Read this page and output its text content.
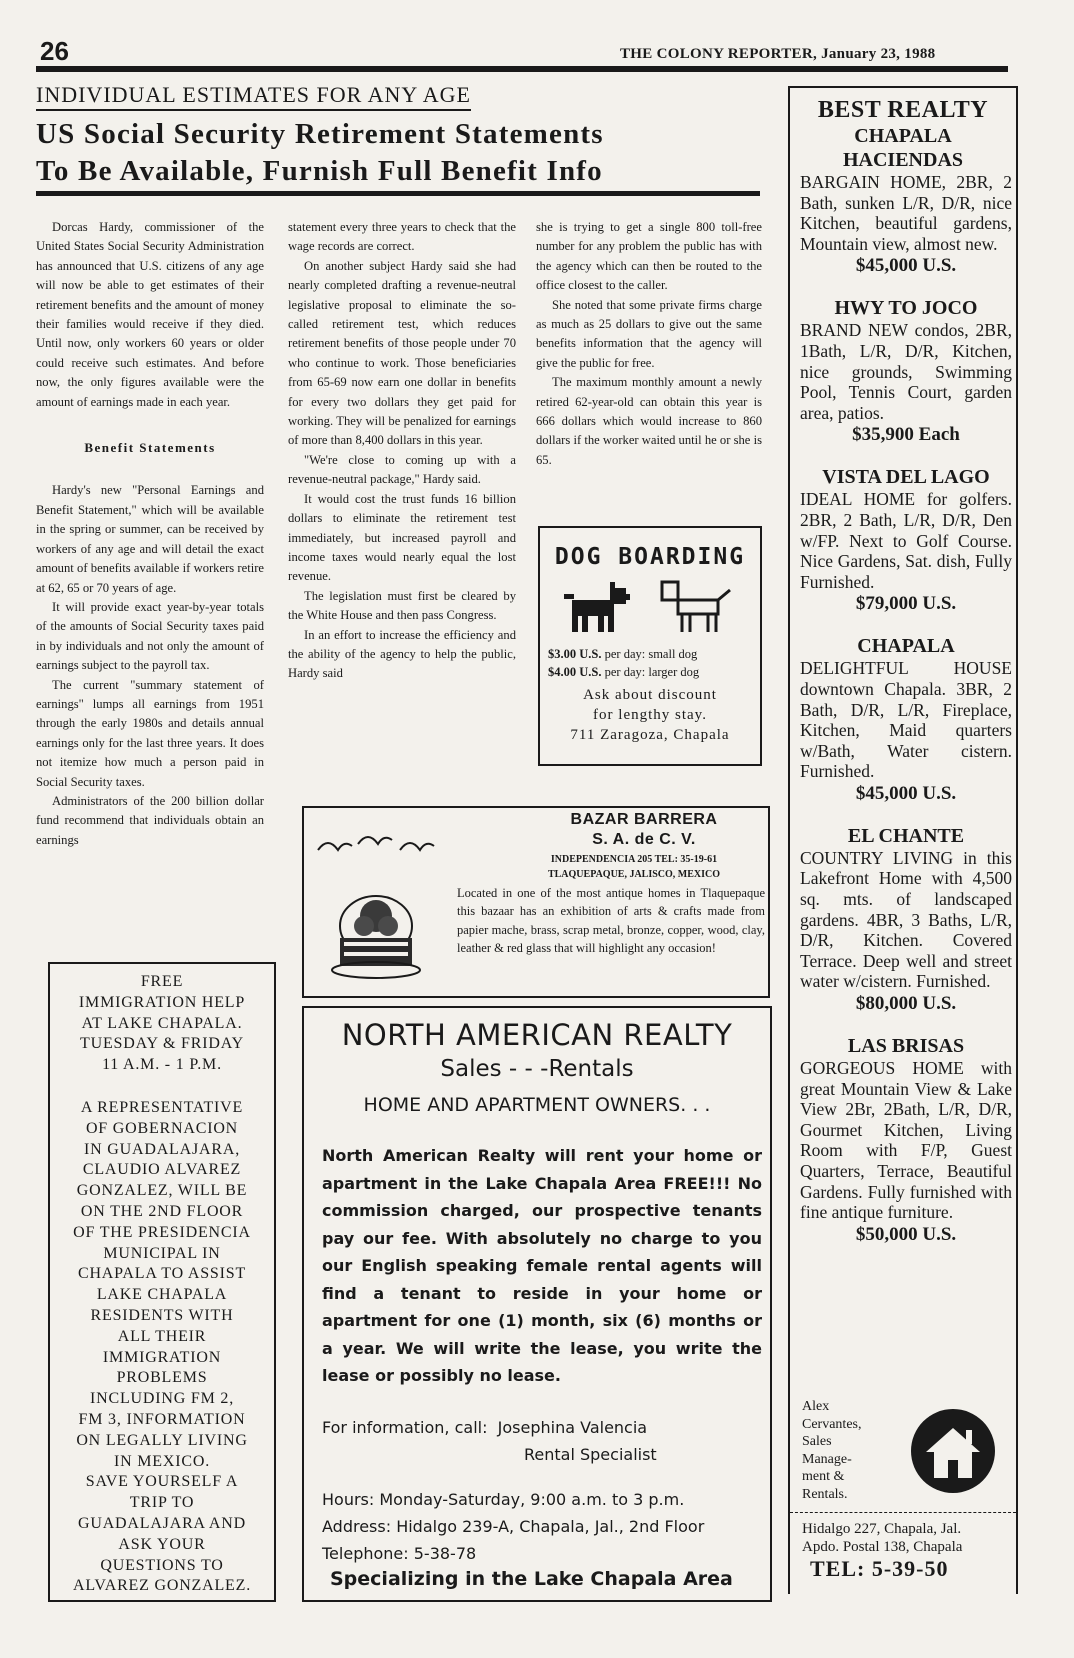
26	THE COLONY REPORTER, January 23, 1988
INDIVIDUAL ESTIMATES FOR ANY AGE
US Social Security Retirement Statements
To Be Available, Furnish Full Benefit Info

Dorcas Hardy, commissioner of the United States Social Security Administration has announced that U.S. citizens of any age will now be able to get estimates of their retirement benefits and the amount of money their families would receive if they died. Until now, only workers 60 years or older could receive such estimates. And before now, the only figures available were the amount of earnings made in each year.

Benefit Statements

Hardy's new "Personal Earnings and Benefit Statement," which will be available in the spring or summer, can be received by workers of any age and will detail the exact amount of benefits available if workers retire at 62, 65 or 70 years of age.

It will provide exact year-by-year totals of the amounts of Social Security taxes paid in by individuals and not only the amount of earnings subject to the payroll tax.

The current "summary statement of earnings" lumps all earnings from 1951 through the early 1980s and details annual earnings only for the last three years. It does not itemize how much a person paid in Social Security taxes.

Administrators of the 200 billion dollar fund recommend that individuals obtain an earnings

statement every three years to check that the wage records are correct.

On another subject Hardy said she had nearly completed drafting a revenue-neutral legislative proposal to eliminate the so-called retirement test, which reduces retirement benefits of those people under 70 who continue to work. Those beneficiaries from 65-69 now earn one dollar in benefits for every two dollars they get paid for working. They will be penalized for earnings of more than 8,400 dollars in this year.

"We're close to coming up with a revenue-neutral package," Hardy said.

It would cost the trust funds 16 billion dollars to eliminate the retirement test immediately, but increased payroll and income taxes would nearly equal the lost revenue.

The legislation must first be cleared by the White House and then pass Congress.

In an effort to increase the efficiency and the ability of the agency to help the public, Hardy said

she is trying to get a single 800 toll-free number for any problem the public has with the agency which can then be routed to the office closest to the caller.

She noted that some private firms charge as much as 25 dollars to give out the same benefits information that the agency will give the public for free.

The maximum monthly amount a newly retired 62-year-old can obtain this year is 666 dollars which would increase to 860 dollars if the worker waited until he or she is 65.

FREE
IMMIGRATION HELP
AT LAKE CHAPALA.
TUESDAY & FRIDAY
11 A.M. - 1 P.M.
A REPRESENTATIVE
OF GOBERNACION
IN GUADALAJARA,
CLAUDIO ALVAREZ
GONZALEZ, WILL BE
ON THE 2ND FLOOR
OF THE PRESIDENCIA
MUNICIPAL IN
CHAPALA TO ASSIST
LAKE CHAPALA
RESIDENTS WITH
ALL THEIR
IMMIGRATION
PROBLEMS
INCLUDING FM 2,
FM 3, INFORMATION
ON LEGALLY LIVING
IN MEXICO.
SAVE YOURSELF A
TRIP TO
GUADALAJARA AND
ASK YOUR
QUESTIONS TO
ALVAREZ GONZALEZ.
DOG BOARDING
$3.00 U.S. per day: small dog
$4.00 U.S. per day: larger dog
Ask about discount
for lengthy stay.
711 Zaragoza, Chapala
BAZAR BARRERA
S. A. de C. V.
INDEPENDENCIA 205 TEL: 35-19-61
TLAQUEPAQUE, JALISCO, MEXICO
Located in one of the most antique homes in Tlaquepaque this bazaar has an exhibition of arts & crafts made from papier mache, brass, scrap metal, bronze, copper, wood, clay, leather & red glass that will highlight any occasion!
NORTH AMERICAN REALTY
Sales - - -Rentals
HOME AND APARTMENT OWNERS. . .
North American Realty will rent your home or apartment in the Lake Chapala Area FREE!!! No commission charged, our prospective tenants pay our fee. With absolutely no charge to you our English speaking female rental agents will find a tenant to reside in your home or apartment for one (1) month, six (6) months or a year. We will write the lease, you write the lease or possibly no lease.
For information, call: Josephina Valencia
Rental Specialist
Hours: Monday-Saturday, 9:00 a.m. to 3 p.m.
Address: Hidalgo 239-A, Chapala, Jal., 2nd Floor
Telephone: 5-38-78
Specializing in the Lake Chapala Area
BEST REALTY
CHAPALA
HACIENDAS
BARGAIN HOME, 2BR, 2 Bath, sunken L/R, D/R, nice Kitchen, beautiful gardens, Mountain view, almost new.
$45,000 U.S.
HWY TO JOCO
BRAND NEW condos, 2BR, 1Bath, L/R, D/R, Kitchen, nice grounds, Swimming Pool, Tennis Court, garden area, patios.
$35,900 Each
VISTA DEL LAGO
IDEAL HOME for golfers. 2BR, 2 Bath, L/R, D/R, Den w/FP. Next to Golf Course. Nice Gardens, Sat. dish, Fully Furnished.
$79,000 U.S.
CHAPALA
DELIGHTFUL HOUSE downtown Chapala. 3BR, 2 Bath, D/R, L/R, Fireplace, Kitchen, Maid quarters w/Bath, Water cistern. Furnished.
$45,000 U.S.
EL CHANTE
COUNTRY LIVING in this Lakefront Home with 4,500 sq. mts. of landscaped gardens. 4BR, 3 Baths, L/R, D/R, Kitchen. Covered Terrace. Deep well and street water w/cistern. Furnished.
$80,000 U.S.
LAS BRISAS
GORGEOUS HOME with great Mountain View & Lake View 2Br, 2Bath, L/R, D/R, Gourmet Kitchen, Living Room with F/P, Guest Quarters, Terrace, Beautiful Gardens. Fully furnished with fine antique furniture.
$50,000 U.S.
Alex
Cervantes,
Sales
Manage-
ment &
Rentals.
Hidalgo 227, Chapala, Jal.
Apdo. Postal 138, Chapala
TEL: 5-39-50
